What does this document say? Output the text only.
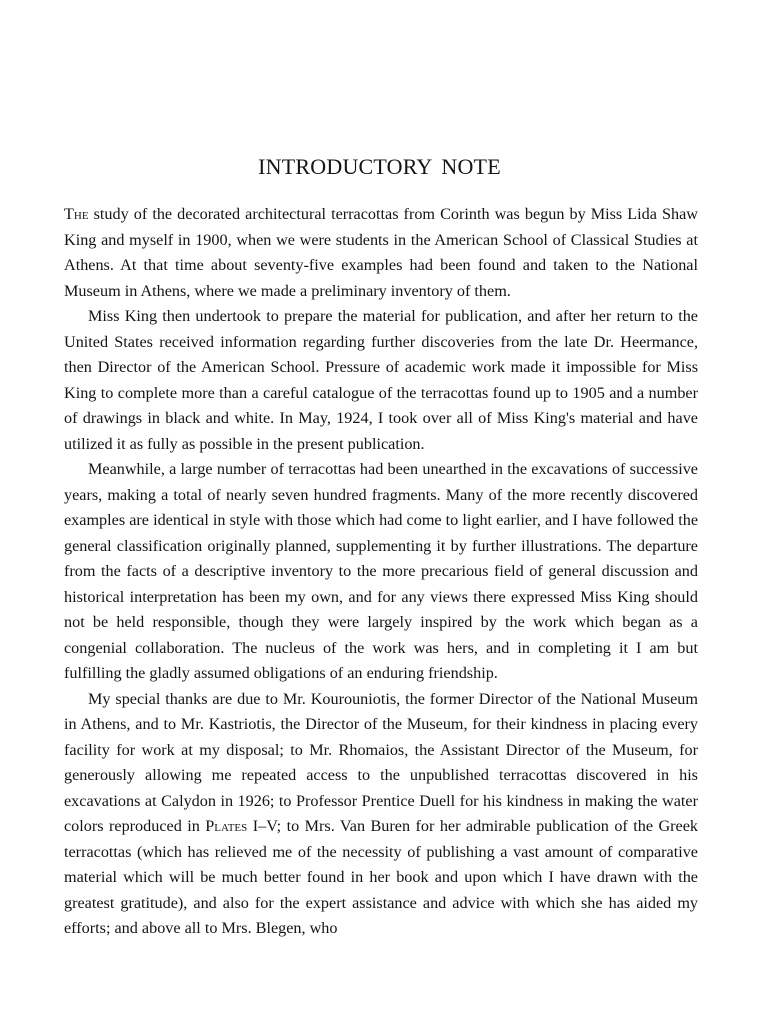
INTRODUCTORY NOTE

The study of the decorated architectural terracottas from Corinth was begun by Miss Lida Shaw King and myself in 1900, when we were students in the American School of Classical Studies at Athens. At that time about seventy-five examples had been found and taken to the National Museum in Athens, where we made a preliminary inventory of them.

Miss King then undertook to prepare the material for publication, and after her return to the United States received information regarding further discoveries from the late Dr. Heermance, then Director of the American School. Pressure of academic work made it impossible for Miss King to complete more than a careful catalogue of the terracottas found up to 1905 and a number of drawings in black and white. In May, 1924, I took over all of Miss King's material and have utilized it as fully as possible in the present publication.

Meanwhile, a large number of terracottas had been unearthed in the excavations of successive years, making a total of nearly seven hundred fragments. Many of the more recently discovered examples are identical in style with those which had come to light earlier, and I have followed the general classification originally planned, supplementing it by further illustrations. The departure from the facts of a descriptive inventory to the more precarious field of general discussion and historical interpretation has been my own, and for any views there expressed Miss King should not be held responsible, though they were largely inspired by the work which began as a congenial collaboration. The nucleus of the work was hers, and in completing it I am but fulfilling the gladly assumed obligations of an enduring friendship.

My special thanks are due to Mr. Kourouniotis, the former Director of the National Museum in Athens, and to Mr. Kastriotis, the Director of the Museum, for their kindness in placing every facility for work at my disposal; to Mr. Rhomaios, the Assistant Director of the Museum, for generously allowing me repeated access to the unpublished terracottas discovered in his excavations at Calydon in 1926; to Professor Prentice Duell for his kindness in making the water colors reproduced in Plates I–V; to Mrs. Van Buren for her admirable publication of the Greek terracottas (which has relieved me of the necessity of publishing a vast amount of comparative material which will be much better found in her book and upon which I have drawn with the greatest gratitude), and also for the expert assistance and advice with which she has aided my efforts; and above all to Mrs. Blegen, who
